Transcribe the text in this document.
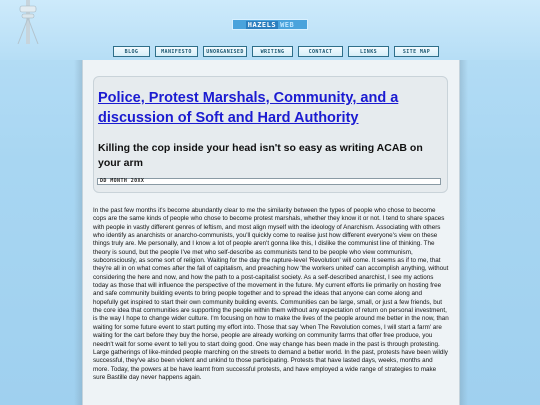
HAZELS WEB
BLOG	MANIFESTO	UNORGANISED	WRITING	CONTACT	LINKS	SITE MAP
Police, Protest Marshals, Community, and a discussion of Soft and Hard Authority
Killing the cop inside your head isn't so easy as writing ACAB on your arm
DD MONTH 20XX

In the past few months it's become abundantly clear to me the similarity between the types of people who chose to become cops are the same kinds of people who chose to become protest marshals, whether they know it or not. I tend to share spaces with people in vastly different genres of leftism, and most align myself with the ideology of Anarchism. Associating with others who identify as anarchists or anarcho-communists, you'll quickly come to realise just how different everyone's view on these things truly are. Me personally, and I know a lot of people aren't gonna like this, I dislike the communist line of thinking. The theory is sound, but the people I've met who self-describe as communists tend to be people who view communism, subconsciously, as some sort of religion. Waiting for the day the rapture-level 'Revolution' will come. It seems as if to me, that they're all in on what comes after the fall of capitalism, and preaching how 'the workers united' can accomplish anything, without considering the here and now, and how the path to a post-capitalist society. As a self-described anarchist, I see my actions today as those that will influence the perspective of the movement in the future. My current efforts lie primarily on hosting free and safe community building events to bring people together and to spread the ideas that anyone can come along and hopefully get inspired to start their own community building events. Communities can be large, small, or just a few friends, but the core idea that communities are supporting the people within them without any expectation of return on personal investment, is the way I hope to change wider culture. I'm focusing on how to make the lives of the people around me better in the now, than waiting for some future event to start putting my effort into. Those that say 'when The Revolution comes, I will start a farm' are waiting for the cart before they buy the horse, people are already working on community farms that offer free produce, you needn't wait for some event to tell you to start doing good. One way change has been made in the past is through protesting. Large gatherings of like-minded people marching on the streets to demand a better world. In the past, protests have been wildly successful, they've also been violent and unkind to those participating. Protests that have lasted days, weeks, months and more. Today, the powers at be have learnt from successful protests, and have employed a wide range of strategies to make sure Bastille day never happens again.
